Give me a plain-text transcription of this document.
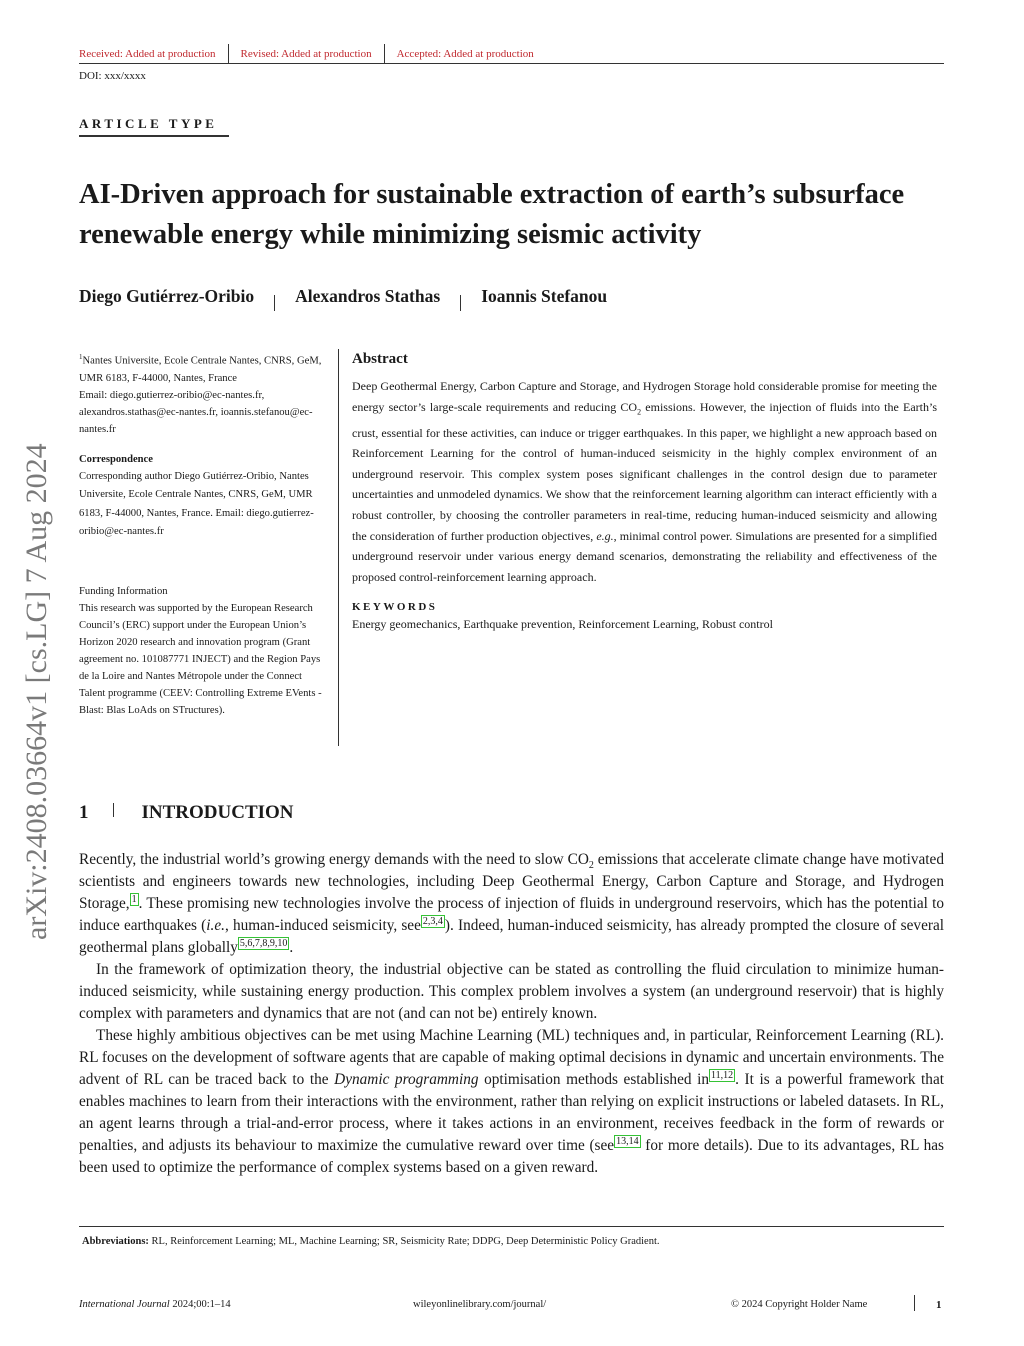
Received: Added at production Revised: Added at production Accepted: Added at production
DOI: xxx/xxxx
ARTICLE TYPE
AI-Driven approach for sustainable extraction of earth’s subsurface renewable energy while minimizing seismic activity
Diego Gutiérrez-Oribio Alexandros Stathas Ioannis Stefanou

$^1$Nantes Universite, Ecole Centrale Nantes, CNRS, GeM, UMR 6183, F-44000, Nantes, France

Email: diego.gutierrez-oribio@ec-nantes.fr, alexandros.stathas@ec-nantes.fr, ioannis.stefanou@ec-nantes.fr

Correspondence

Corresponding author Diego Gutiérrez-Oribio, Nantes Universite, Ecole Centrale Nantes, CNRS, GeM, UMR 6183, F-44000, Nantes, France. Email: diego.gutierrez-oribio@ec-nantes.fr

Funding Information

This research was supported by the European Research Council’s (ERC) support under the European Union’s Horizon 2020 research and innovation program (Grant agreement no. 101087771 INJECT) and the Region Pays de la Loire and Nantes Métropole under the Connect Talent programme (CEEV: Controlling Extreme EVents - Blast: Blas LoAds on STructures).

Abstract

Deep Geothermal Energy, Carbon Capture and Storage, and Hydrogen Storage hold considerable promise for meeting the energy sector’s large-scale requirements and reducing $CO_2$ emissions. However, the injection of fluids into the Earth’s crust, essential for these activities, can induce or trigger earthquakes. In this paper, we highlight a new approach based on Reinforcement Learning for the control of human-induced seismicity in the highly complex environment of an underground reservoir. This complex system poses significant challenges in the control design due to parameter uncertainties and unmodeled dynamics. We show that the reinforcement learning algorithm can interact efficiently with a robust controller, by choosing the controller parameters in real-time, reducing human-induced seismicity and allowing the consideration of further production objectives, e.g., minimal control power. Simulations are presented for a simplified underground reservoir under various energy demand scenarios, demonstrating the reliability and effectiveness of the proposed control-reinforcement learning approach.

KEYWORDS
Energy geomechanics, Earthquake prevention, Reinforcement Learning, Robust control
arXiv:2408.03664v1 [cs.LG] 7 Aug 2024 1	INTRODUCTION

Recently, the industrial world’s growing energy demands with the need to slow $CO_2$ emissions that accelerate climate change have motivated scientists and engineers towards new technologies, including Deep Geothermal Energy, Carbon Capture and Storage, and Hydrogen Storage, $^1$ . These promising new technologies involve the process of injection of fluids in underground reservoirs, which has the potential to induce earthquakes (i.e., human-induced seismicity, see $^{2,3,4}$ ). Indeed, human-induced seismicity, has already prompted the closure of several geothermal plans globally $^{5,6,7,8,9,10}$ .

In the framework of optimization theory, the industrial objective can be stated as controlling the fluid circulation to minimize human-induced seismicity, while sustaining energy production. This complex problem involves a system (an underground reservoir) that is highly complex with parameters and dynamics that are not (and can not be) entirely known.

These highly ambitious objectives can be met using Machine Learning (ML) techniques and, in particular, Reinforcement Learning (RL). RL focuses on the development of software agents that are capable of making optimal decisions in dynamic and uncertain environments. The advent of RL can be traced back to the Dynamic programming optimisation methods established in $^{11,12}$ . It is a powerful framework that enables machines to learn from their interactions with the environment, rather than relying on explicit instructions or labeled datasets. In RL, an agent learns through a trial-and-error process, where it takes actions in an environment, receives feedback in the form of rewards or penalties, and adjusts its behaviour to maximize the cumulative reward over time (see $^{13,14}$ for more details). Due to its advantages, RL has been used to optimize the performance of complex systems based on a given reward.

Abbreviations: RL, Reinforcement Learning; ML, Machine Learning; SR, Seismicity Rate; DDPG, Deep Deterministic Policy Gradient.
International Journal 2024;00:1–14	wileyonlinelibrary.com/journal/	© 2024 Copyright Holder Name	1
